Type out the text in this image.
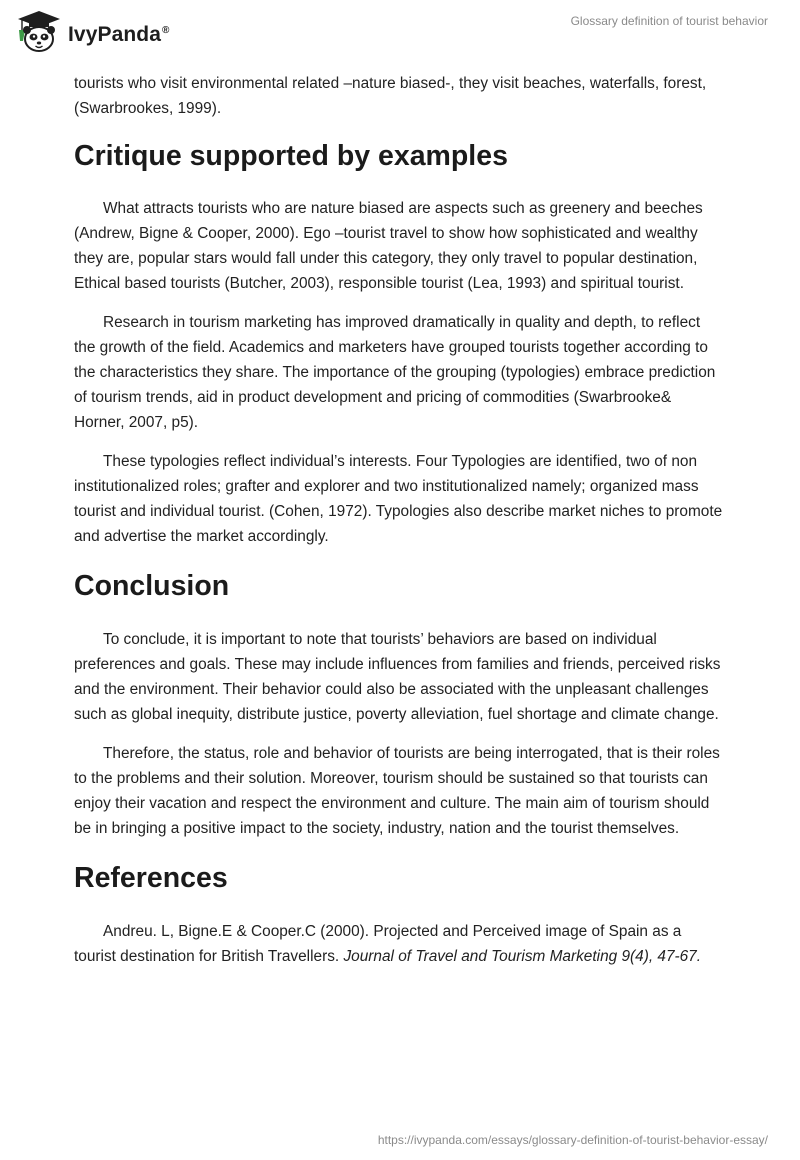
IvyPanda®
Glossary definition of tourist behavior

tourists who visit environmental related –nature biased-, they visit beaches, waterfalls, forest, (Swarbrookes, 1999).

Critique supported by examples

What attracts tourists who are nature biased are aspects such as greenery and beeches (Andrew, Bigne & Cooper, 2000). Ego –tourist travel to show how sophisticated and wealthy they are, popular stars would fall under this category, they only travel to popular destination, Ethical based tourists (Butcher, 2003), responsible tourist (Lea, 1993) and spiritual tourist.

Research in tourism marketing has improved dramatically in quality and depth, to reflect the growth of the field. Academics and marketers have grouped tourists together according to the characteristics they share. The importance of the grouping (typologies) embrace prediction of tourism trends, aid in product development and pricing of commodities (Swarbrooke& Horner, 2007, p5).

These typologies reflect individual’s interests. Four Typologies are identified, two of non institutionalized roles; grafter and explorer and two institutionalized namely; organized mass tourist and individual tourist. (Cohen, 1972). Typologies also describe market niches to promote and advertise the market accordingly.

Conclusion

To conclude, it is important to note that tourists’ behaviors are based on individual preferences and goals. These may include influences from families and friends, perceived risks and the environment. Their behavior could also be associated with the unpleasant challenges such as global inequity, distribute justice, poverty alleviation, fuel shortage and climate change.

Therefore, the status, role and behavior of tourists are being interrogated, that is their roles to the problems and their solution. Moreover, tourism should be sustained so that tourists can enjoy their vacation and respect the environment and culture. The main aim of tourism should be in bringing a positive impact to the society, industry, nation and the tourist themselves.

References

Andreu. L, Bigne.E & Cooper.C (2000). Projected and Perceived image of Spain as a tourist destination for British Travellers. Journal of Travel and Tourism Marketing 9(4), 47-67.

https://ivypanda.com/essays/glossary-definition-of-tourist-behavior-essay/
